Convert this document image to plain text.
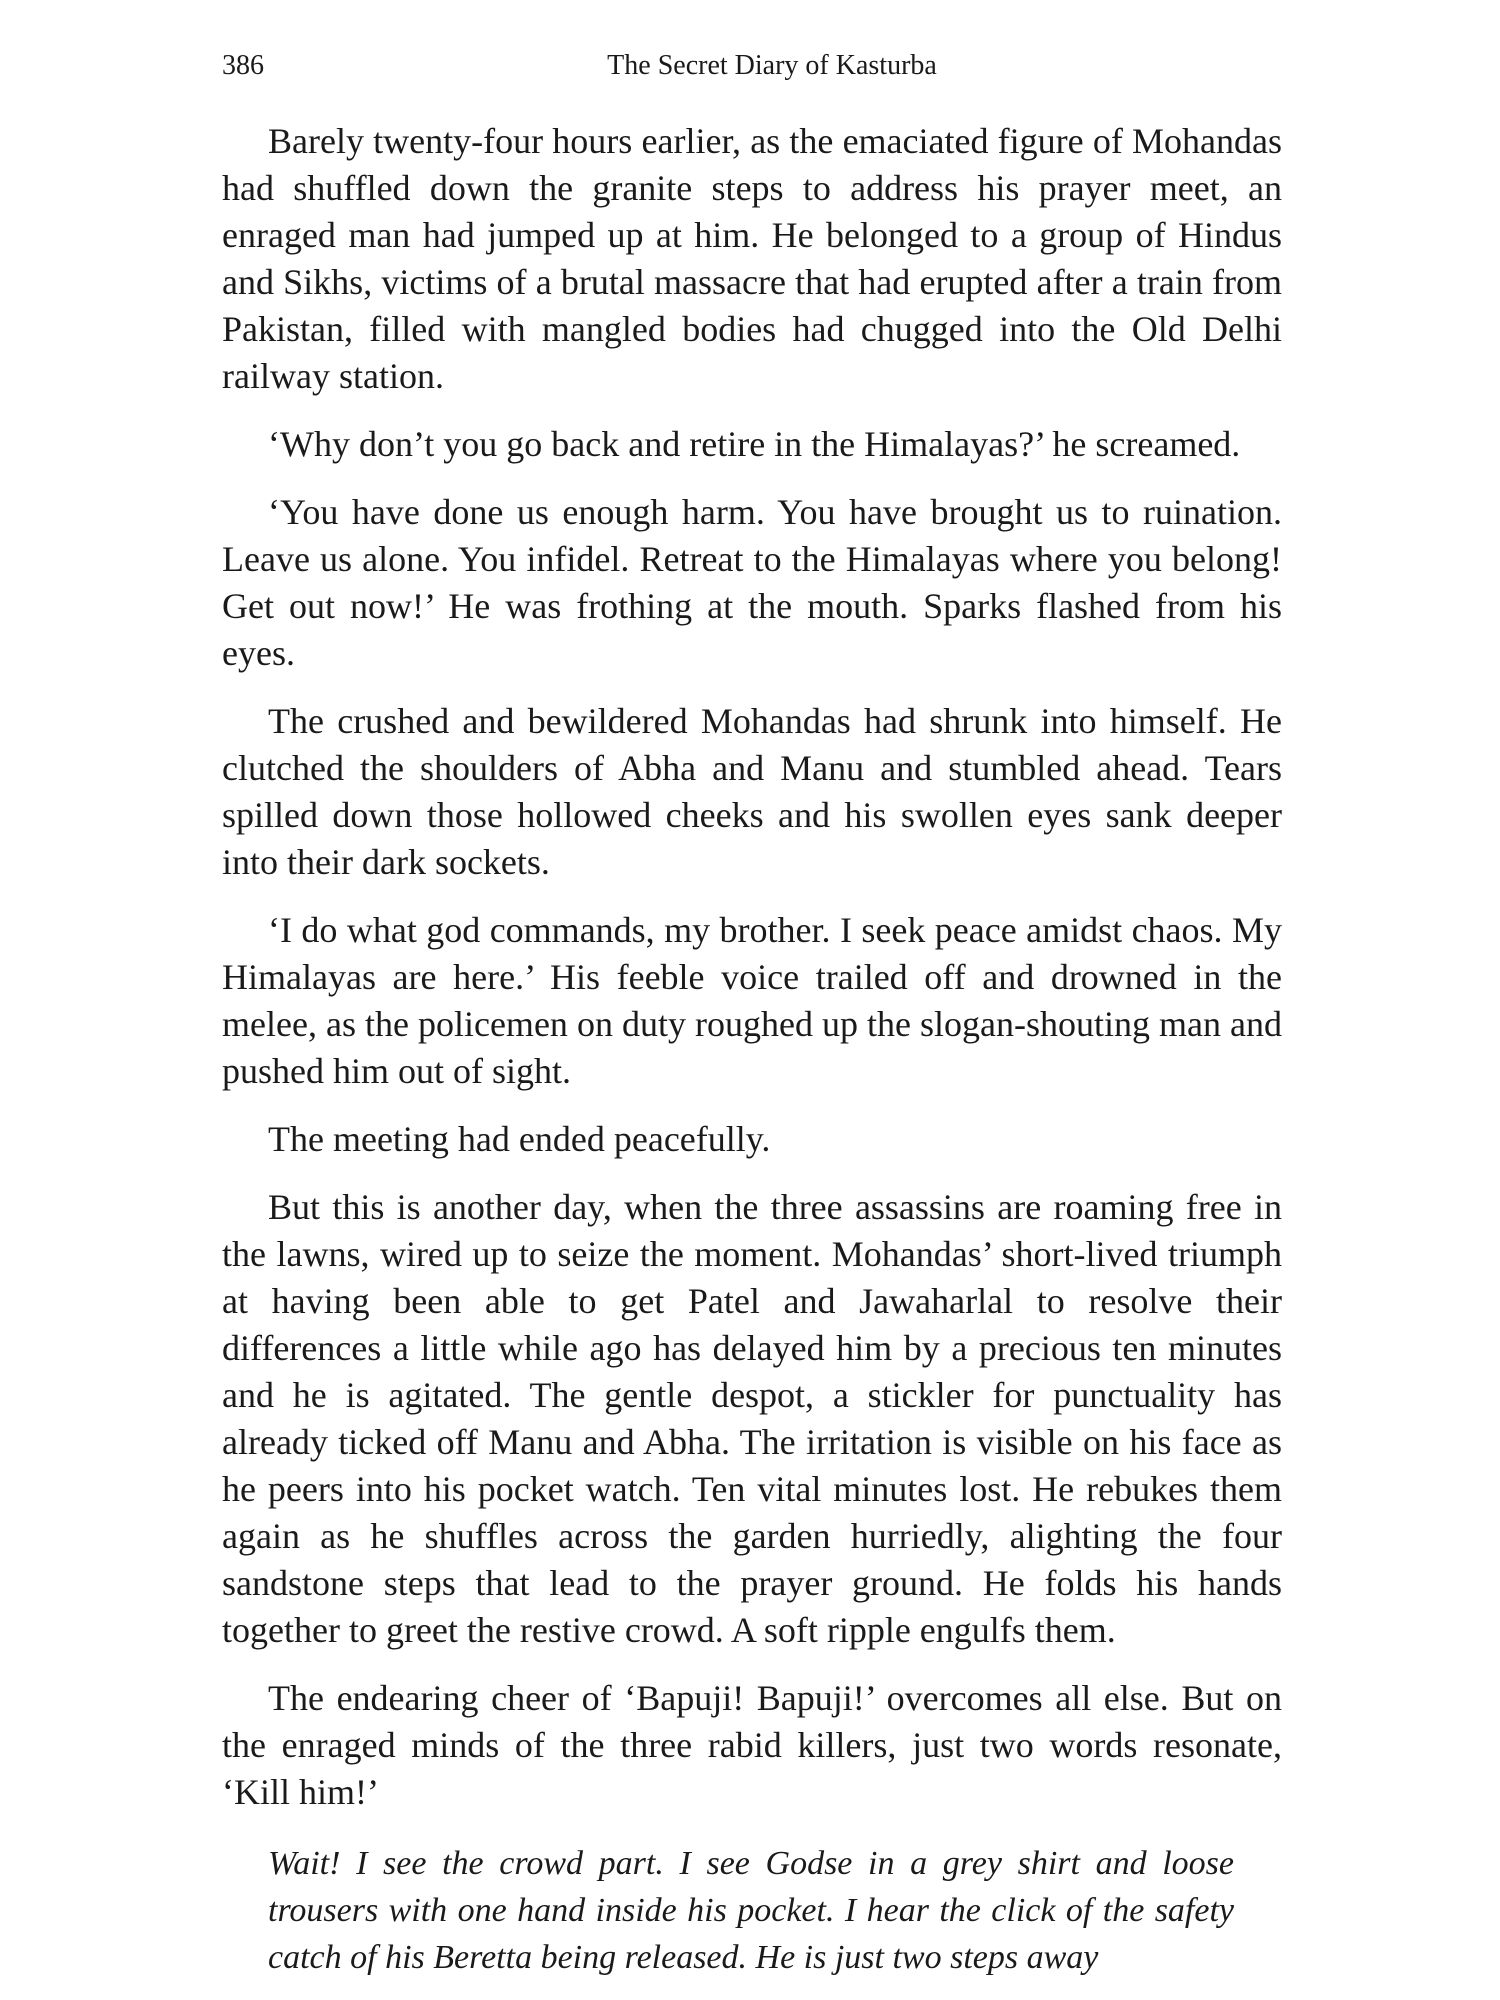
386	The Secret Diary of Kasturba

Barely twenty-four hours earlier, as the emaciated figure of Mohandas had shuffled down the granite steps to address his prayer meet, an enraged man had jumped up at him. He belonged to a group of Hindus and Sikhs, victims of a brutal massacre that had erupted after a train from Pakistan, filled with mangled bodies had chugged into the Old Delhi railway station.

‘Why don’t you go back and retire in the Himalayas?’ he screamed.

‘You have done us enough harm. You have brought us to ruination. Leave us alone. You infidel. Retreat to the Himalayas where you belong! Get out now!’ He was frothing at the mouth. Sparks flashed from his eyes.

The crushed and bewildered Mohandas had shrunk into himself. He clutched the shoulders of Abha and Manu and stumbled ahead. Tears spilled down those hollowed cheeks and his swollen eyes sank deeper into their dark sockets.

‘I do what god commands, my brother. I seek peace amidst chaos. My Himalayas are here.’ His feeble voice trailed off and drowned in the melee, as the policemen on duty roughed up the slogan-shouting man and pushed him out of sight.

The meeting had ended peacefully.

But this is another day, when the three assassins are roaming free in the lawns, wired up to seize the moment. Mohandas’ short-lived triumph at having been able to get Patel and Jawaharlal to resolve their differences a little while ago has delayed him by a precious ten minutes and he is agitated. The gentle despot, a stickler for punctuality has already ticked off Manu and Abha. The irritation is visible on his face as he peers into his pocket watch. Ten vital minutes lost. He rebukes them again as he shuffles across the garden hurriedly, alighting the four sandstone steps that lead to the prayer ground. He folds his hands together to greet the restive crowd. A soft ripple engulfs them.

The endearing cheer of ‘Bapuji! Bapuji!’ overcomes all else. But on the enraged minds of the three rabid killers, just two words resonate, ‘Kill him!’

Wait! I see the crowd part. I see Godse in a grey shirt and loose trousers with one hand inside his pocket. I hear the click of the safety catch of his Beretta being released. He is just two steps away
